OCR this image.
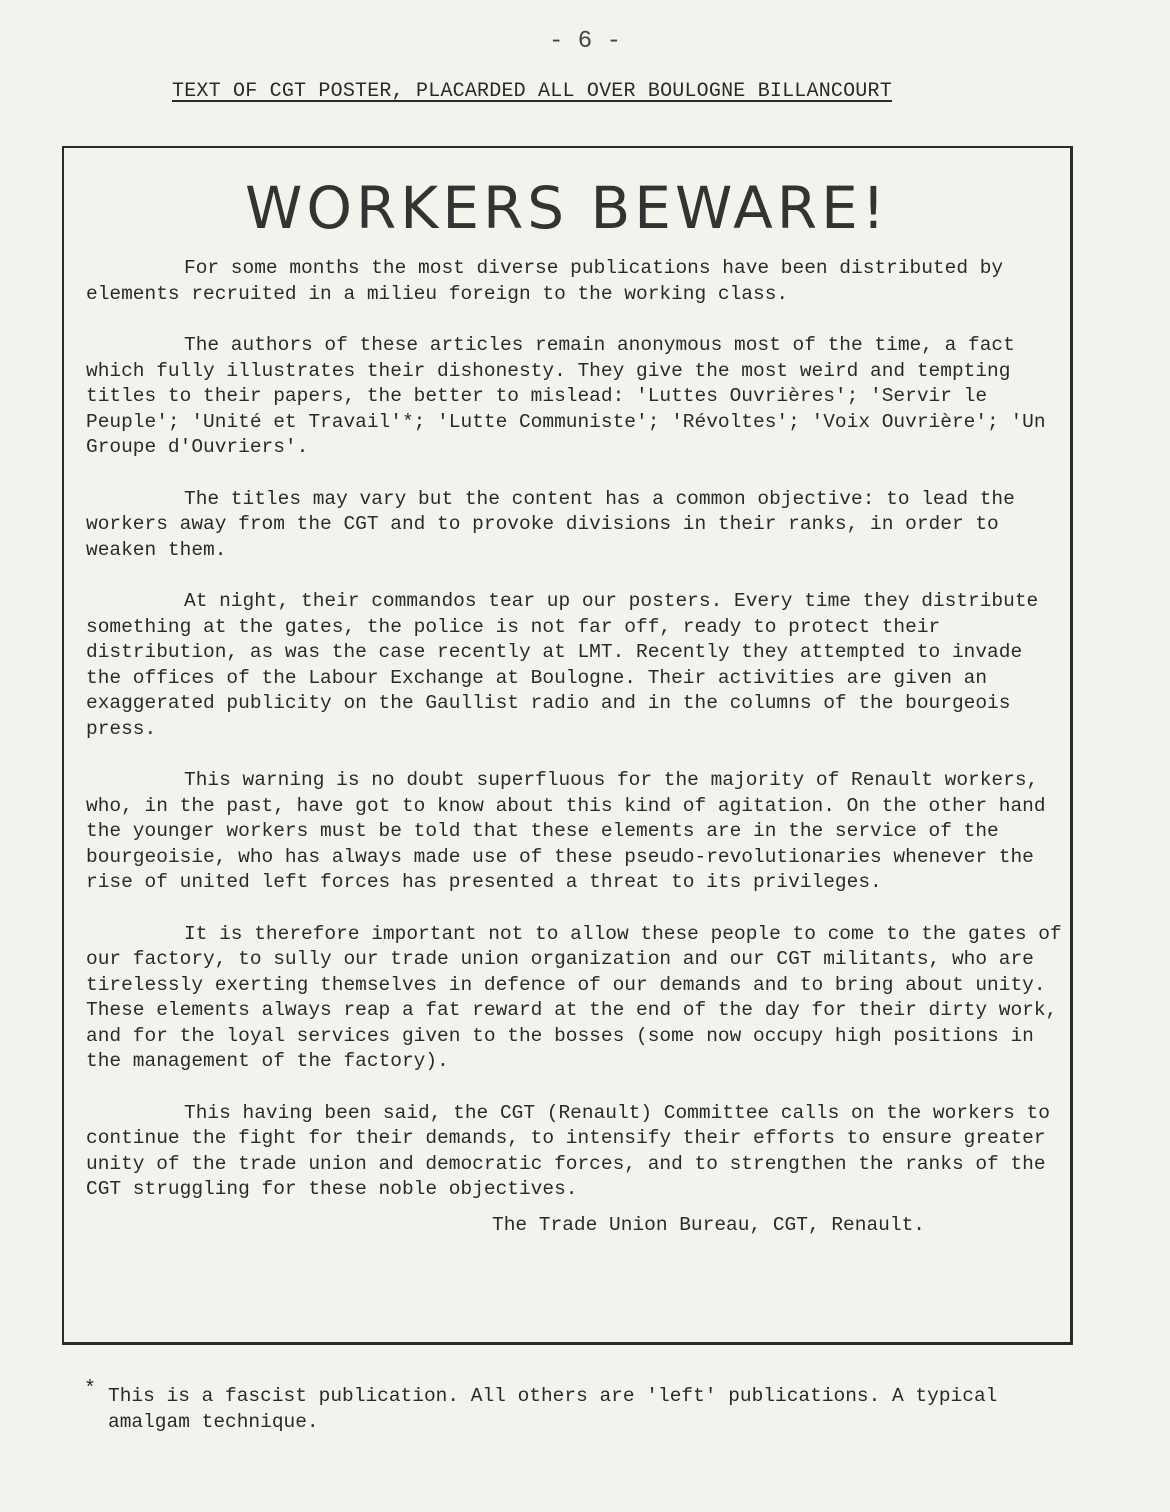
- 6 -
TEXT OF CGT POSTER, PLACARDED ALL OVER BOULOGNE BILLANCOURT
WORKERS BEWARE!

For some months the most diverse publications have been distributed by elements recruited in a milieu foreign to the working class.

The authors of these articles remain anonymous most of the time, a fact which fully illustrates their dishonesty. They give the most weird and tempting titles to their papers, the better to mislead: 'Luttes Ouvrières'; 'Servir le Peuple'; 'Unité et Travail'*; 'Lutte Communiste'; 'Révoltes'; 'Voix Ouvrière'; 'Un Groupe d'Ouvriers'.

The titles may vary but the content has a common objective: to lead the workers away from the CGT and to provoke divisions in their ranks, in order to weaken them.

At night, their commandos tear up our posters. Every time they distribute something at the gates, the police is not far off, ready to protect their distribution, as was the case recently at LMT. Recently they attempted to invade the offices of the Labour Exchange at Boulogne. Their activities are given an exaggerated publicity on the Gaullist radio and in the columns of the bourgeois press.

This warning is no doubt superfluous for the majority of Renault workers, who, in the past, have got to know about this kind of agitation. On the other hand the younger workers must be told that these elements are in the service of the bourgeoisie, who has always made use of these pseudo-revolutionaries whenever the rise of united left forces has presented a threat to its privileges.

It is therefore important not to allow these people to come to the gates of our factory, to sully our trade union organization and our CGT militants, who are tirelessly exerting themselves in defence of our demands and to bring about unity. These elements always reap a fat reward at the end of the day for their dirty work, and for the loyal services given to the bosses (some now occupy high positions in the management of the factory).

This having been said, the CGT (Renault) Committee calls on the workers to continue the fight for their demands, to intensify their efforts to ensure greater unity of the trade union and democratic forces, and to strengthen the ranks of the CGT struggling for these noble objectives.

The Trade Union Bureau, CGT, Renault.

* This is a fascist publication. All others are 'left' publications. A typical amalgam technique.
